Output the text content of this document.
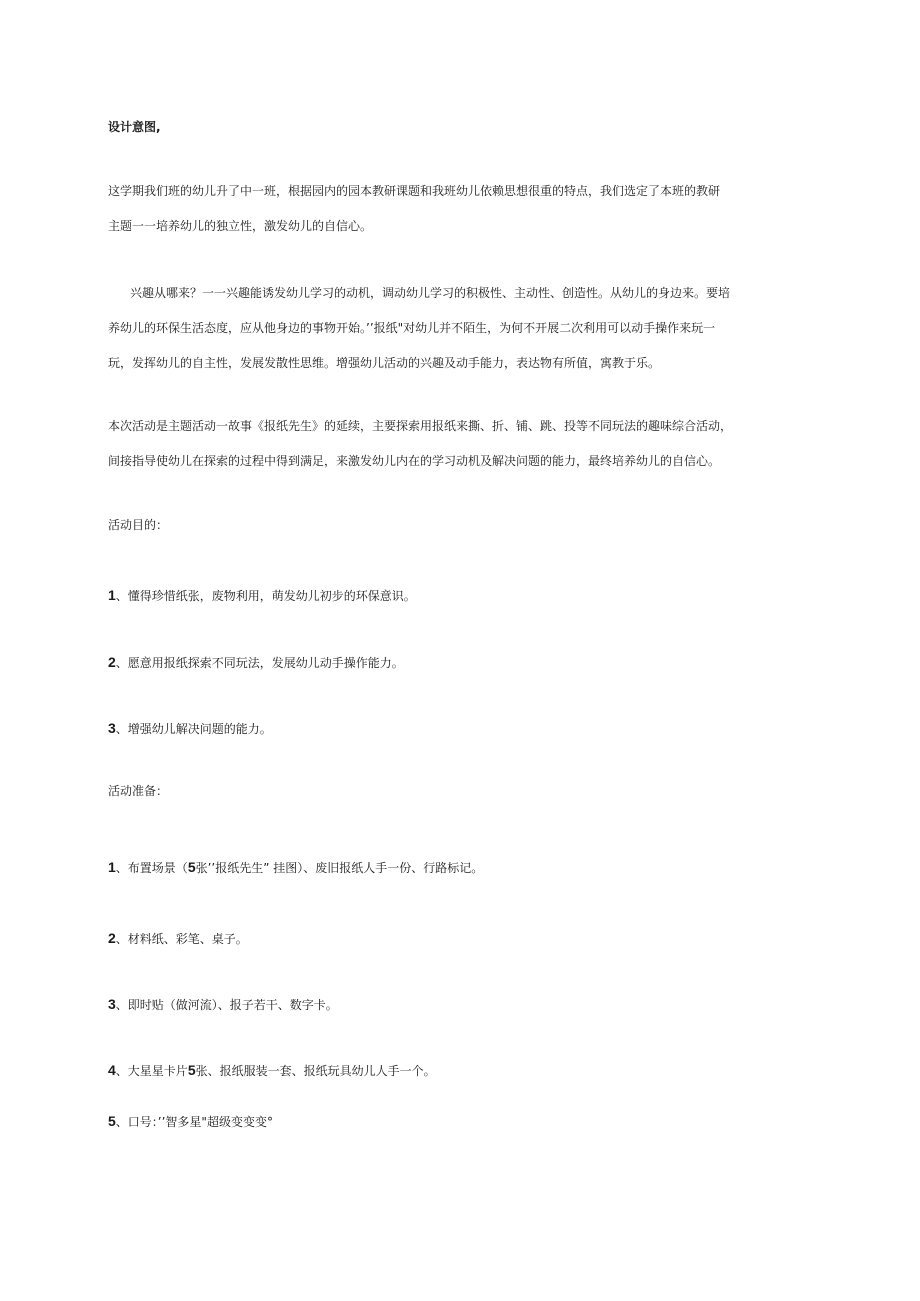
设计意图,
这学期我们班的幼儿升了中一班，根据园内的园本教研课题和我班幼儿依赖思想很重的特点，我们选定了本班的教研
主题一一培养幼儿的独立性，激发幼儿的自信心。
兴趣从哪来？一一兴趣能诱发幼儿学习的动机，调动幼儿学习的积极性、主动性、创造性。从幼儿的身边来。要培
养幼儿的环保生活态度，应从他身边的事物开始。’’报纸"对幼儿并不陌生，为何不开展二次利用可以动手操作来玩一
玩，发挥幼儿的自主性，发展发散性思维。增强幼儿活动的兴趣及动手能力，表达物有所值，寓教于乐。
本次活动是主题活动一故事《报纸先生》的延续，主要探索用报纸来撕、折、铺、跳、投等不同玩法的趣味综合活动，
间接指导使幼儿在探索的过程中得到满足，来激发幼儿内在的学习动机及解决问题的能力，最终培养幼儿的自信心。
活动目的：
1、懂得珍惜纸张，废物利用，萌发幼儿初步的环保意识。
2、愿意用报纸探索不同玩法，发展幼儿动手操作能力。
3、增强幼儿解决问题的能力。
活动准备：
1、布置场景（5张’’报纸先生” 挂图）、废旧报纸人手一份、行路标记。
2、材料纸、彩笔、桌子。
3、即时贴（做河流）、报子若干、数字卡。
4、大星星卡片5张、报纸服装一套、报纸玩具幼儿人手一个。
5、口号：’’智多星"超级变变变°
